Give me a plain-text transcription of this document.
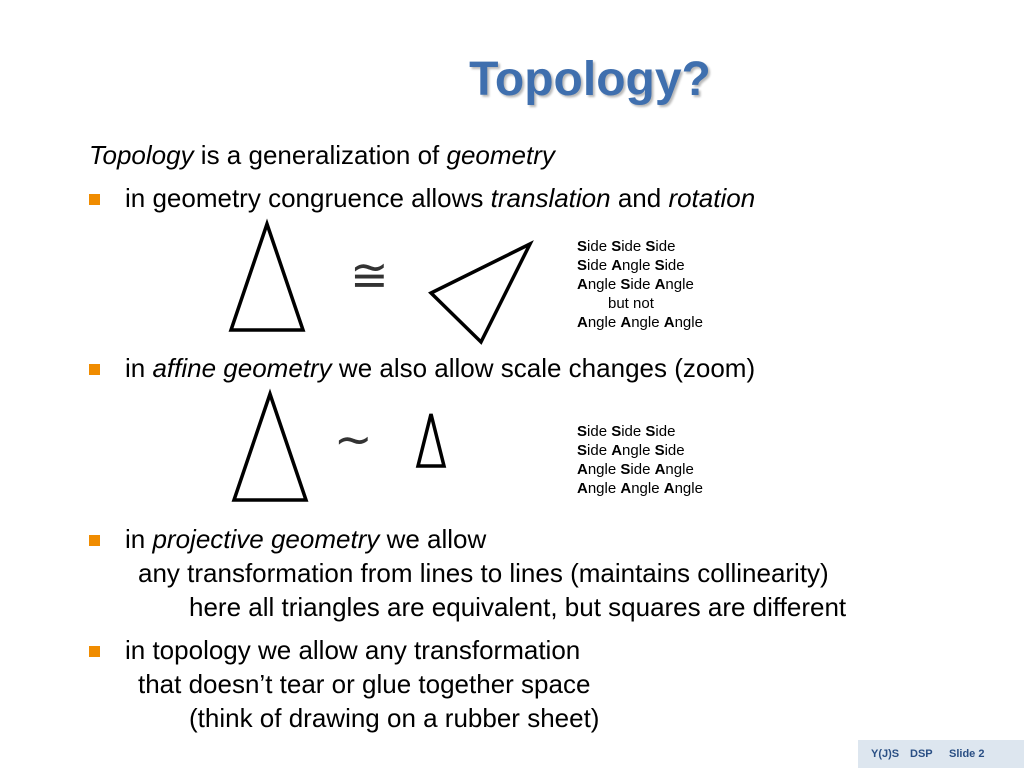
Topology?
Topology is a generalization of geometry
in geometry congruence allows translation and rotation
≅
Side Side Side
Side Angle Side
Angle Side Angle
but not
Angle Angle Angle
in affine geometry we also allow scale changes (zoom)
~	Side Side Side
Side Angle Side
Angle Side Angle
Angle Angle Angle
in projective geometry we allow
any transformation from lines to lines (maintains collinearity)
here all triangles are equivalent, but squares are different
in topology we allow any transformation
that doesn’t tear or glue together space
(think of drawing on a rubber sheet)
Y(J)S DSP Slide 2
